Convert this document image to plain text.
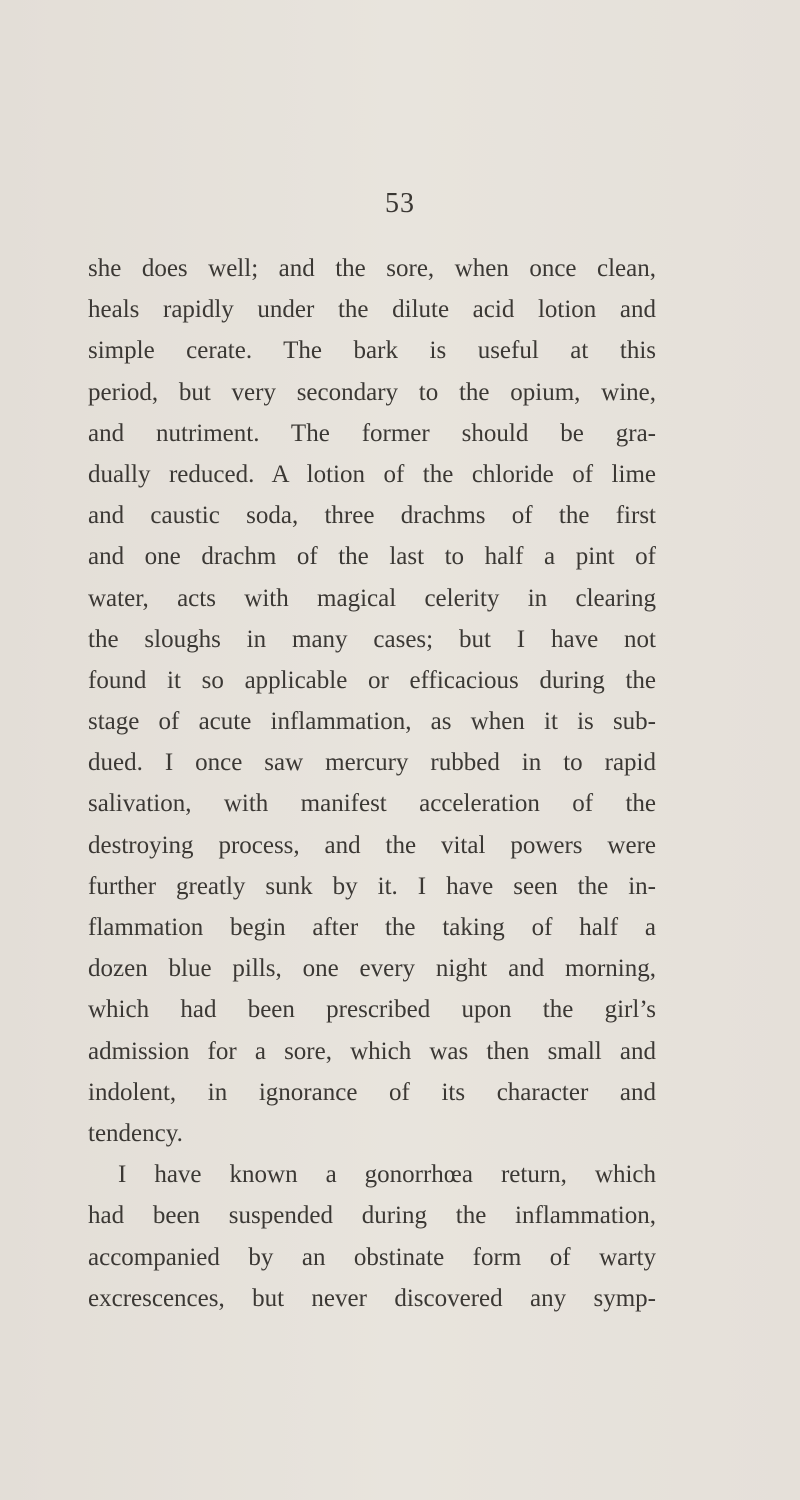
53
she does well; and the sore, when once clean,
heals rapidly under the dilute acid lotion and
simple cerate. The bark is useful at this
period, but very secondary to the opium, wine,
and nutriment. The former should be gra-
dually reduced. A lotion of the chloride of lime
and caustic soda, three drachms of the first
and one drachm of the last to half a pint of
water, acts with magical celerity in clearing
the sloughs in many cases; but I have not
found it so applicable or efficacious during the
stage of acute inflammation, as when it is sub-
dued. I once saw mercury rubbed in to rapid
salivation, with manifest acceleration of the
destroying process, and the vital powers were
further greatly sunk by it. I have seen the in-
flammation begin after the taking of half a
dozen blue pills, one every night and morning,
which had been prescribed upon the girl’s
admission for a sore, which was then small and
indolent, in ignorance of its character and
tendency.
I have known a gonorrhœa return, which
had been suspended during the inflammation,
accompanied by an obstinate form of warty
excrescences, but never discovered any symp-
